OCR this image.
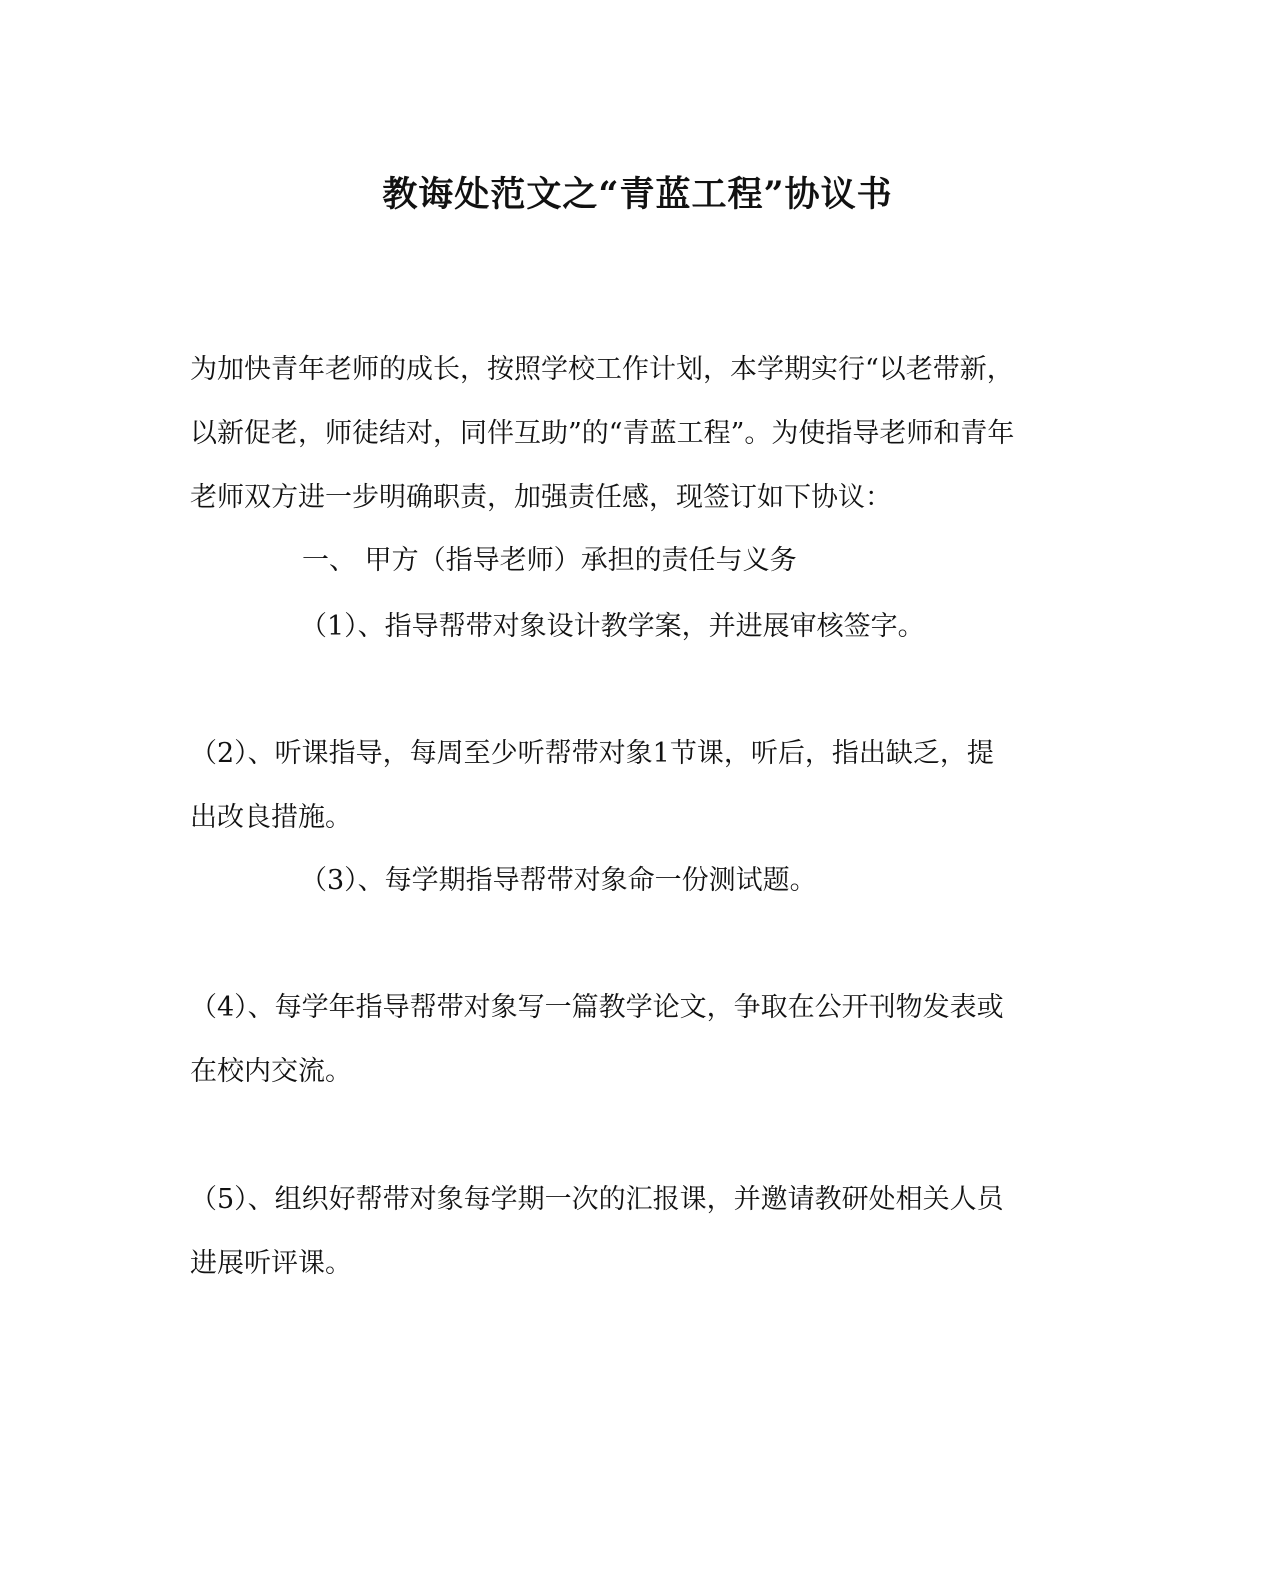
教诲处范文之“青蓝工程”协议书
为加快青年老师的成长，按照学校工作计划，本学期实行“以老带新，
以新促老，师徒结对，同伴互助”的“青蓝工程”。为使指导老师和青年
老师双方进一步明确职责，加强责任感，现签订如下协议：
一、 甲方（指导老师）承担的责任与义务
（1）、指导帮带对象设计教学案，并进展审核签字。
（2）、听课指导，每周至少听帮带对象1节课，听后，指出缺乏，提
出改良措施。
（3）、每学期指导帮带对象命一份测试题。
（4）、每学年指导帮带对象写一篇教学论文，争取在公开刊物发表或
在校内交流。
（5）、组织好帮带对象每学期一次的汇报课，并邀请教研处相关人员
进展听评课。
